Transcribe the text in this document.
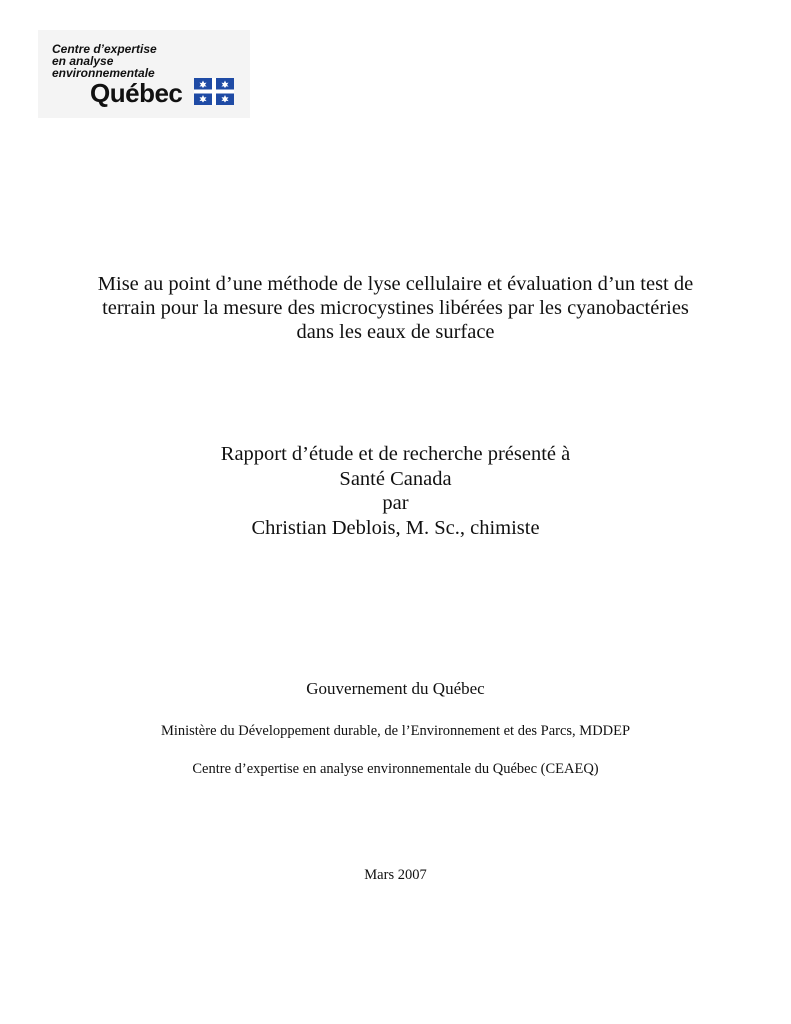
Centre d’expertise
en analyse
environnementale
Québec
Mise au point d’une méthode de lyse cellulaire et évaluation d’un test de
terrain pour la mesure des microcystines libérées par les cyanobactéries
dans les eaux de surface
Rapport d’étude et de recherche présenté à
Santé Canada
par
Christian Deblois, M. Sc., chimiste
Gouvernement du Québec
Ministère du Développement durable, de l’Environnement et des Parcs, MDDEP
Centre d’expertise en analyse environnementale du Québec (CEAEQ)
Mars 2007
